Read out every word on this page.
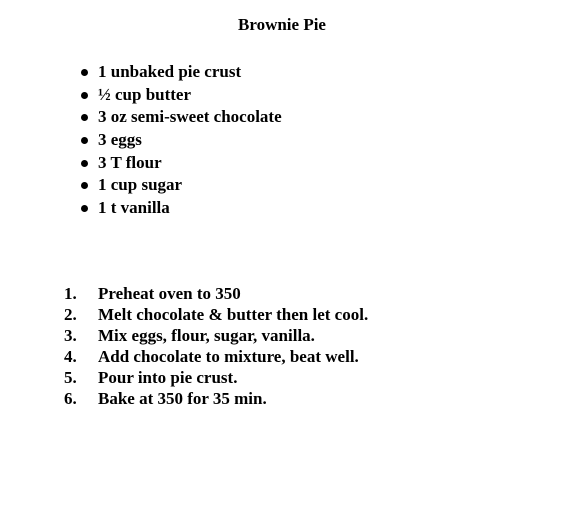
Brownie Pie
1 unbaked pie crust
½ cup butter
3 oz semi-sweet chocolate
3 eggs
3 T flour
1 cup sugar
1 t vanilla
1. Preheat oven to 350
2. Melt chocolate & butter then let cool.
3. Mix eggs, flour, sugar, vanilla.
4. Add chocolate to mixture, beat well.
5. Pour into pie crust.
6. Bake at 350 for 35 min.
